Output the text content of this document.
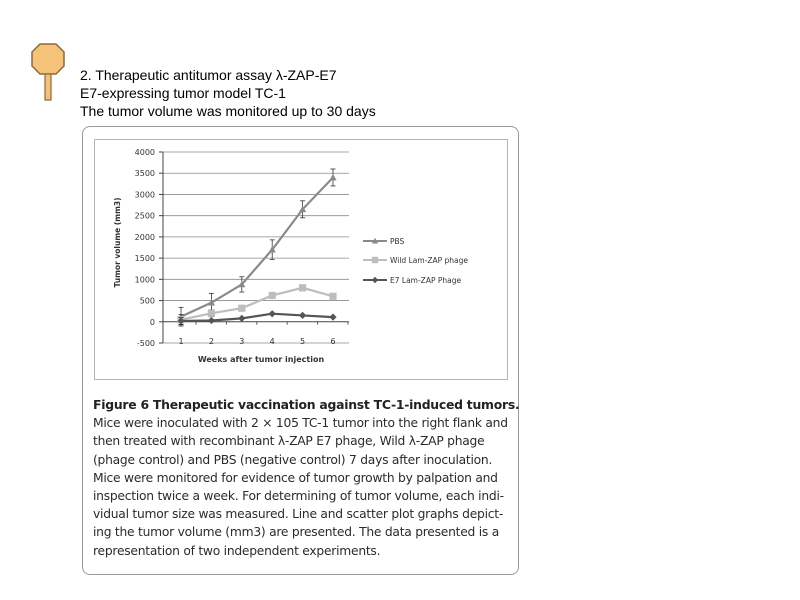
2. Therapeutic antitumor assay λ-ZAP-E7
E7-expressing tumor model TC-1
The tumor volume was monitored up to 30 days
-500
0
500
1000
1500
2000
2500
3000
3500
4000
1	2	3	4	5	6
Weeks after tumor injection
Tumor volume (mm3)	PBS
Wild Lam-ZAP phage
E7 Lam-ZAP Phage
Figure 6 Therapeutic vaccination against TC-1-induced tumors.
Mice were inoculated with 2 × 105 TC-1 tumor into the right flank and
then treated with recombinant λ-ZAP E7 phage, Wild λ-ZAP phage
(phage control) and PBS (negative control) 7 days after inoculation.
Mice were monitored for evidence of tumor growth by palpation and
inspection twice a week. For determining of tumor volume, each indi-
vidual tumor size was measured. Line and scatter plot graphs depict-
ing the tumor volume (mm3) are presented. The data presented is a
representation of two independent experiments.
